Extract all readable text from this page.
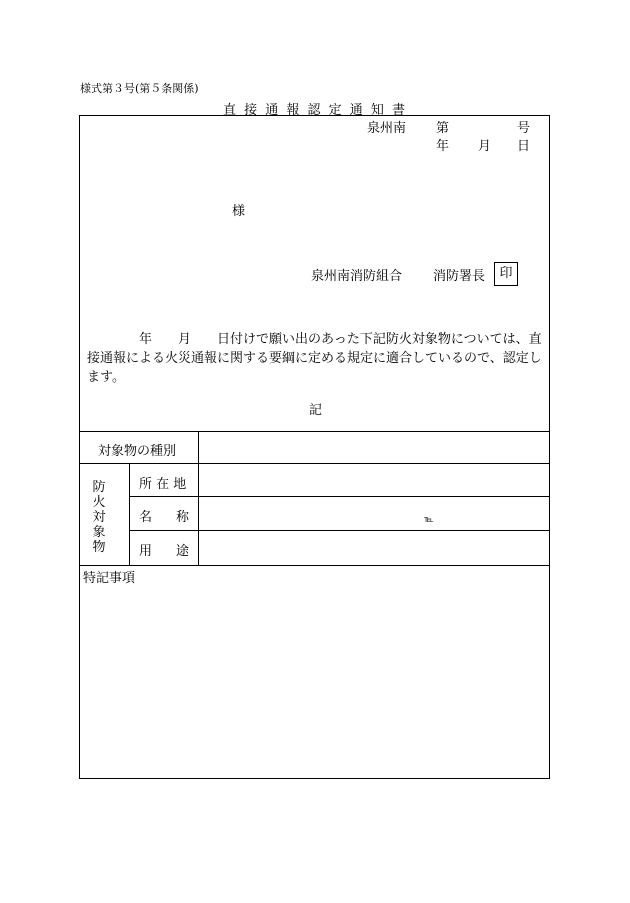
様式第３号(第５条関係)
直 接 通 報 認 定 通 知 書
泉州南 第	号
年 月 日
様
泉州南消防組合 消防署長	印
年 月 日付けで願い出のあった下記防火対象物については、直接通報による火災通報に関する要綱に定める規定に適合しているので、認定します。
記
対象物の種別
防火対象物
所 在 地
名 称	℡
用 途
特記事項
